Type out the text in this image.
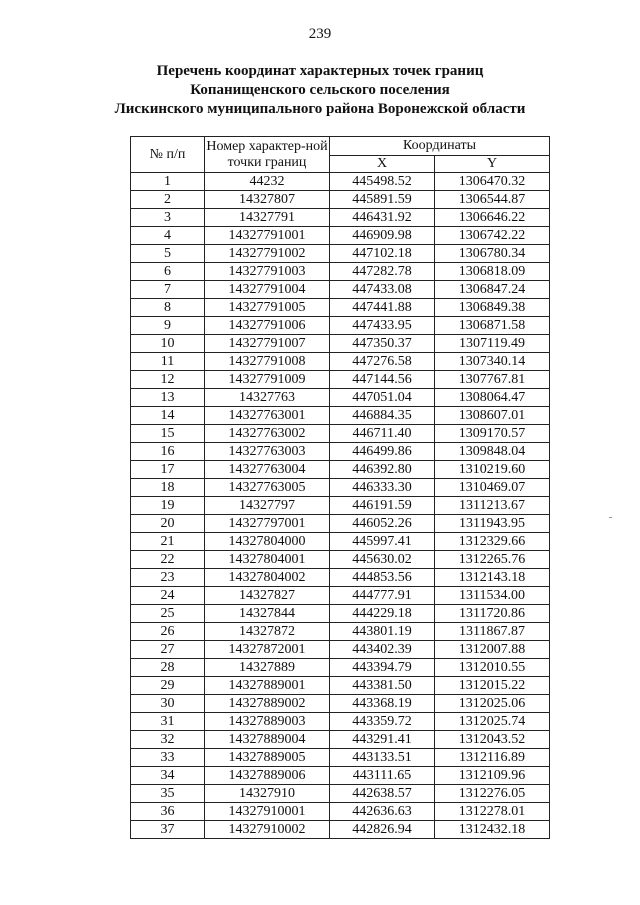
239
Перечень координат характерных точек границ
Копанищенского сельского поселения
Лискинского муниципального района Воронежской области
№ п/п	Номер характер-ной точки границ	Координаты	
		X	Y
1	44232	445498.52	1306470.32
2	14327807	445891.59	1306544.87
3	14327791	446431.92	1306646.22
4	14327791001	446909.98	1306742.22
5	14327791002	447102.18	1306780.34
6	14327791003	447282.78	1306818.09
7	14327791004	447433.08	1306847.24
8	14327791005	447441.88	1306849.38
9	14327791006	447433.95	1306871.58
10	14327791007	447350.37	1307119.49
11	14327791008	447276.58	1307340.14
12	14327791009	447144.56	1307767.81
13	14327763	447051.04	1308064.47
14	14327763001	446884.35	1308607.01
15	14327763002	446711.40	1309170.57
16	14327763003	446499.86	1309848.04
17	14327763004	446392.80	1310219.60
18	14327763005	446333.30	1310469.07
19	14327797	446191.59	1311213.67
20	14327797001	446052.26	1311943.95
21	14327804000	445997.41	1312329.66
22	14327804001	445630.02	1312265.76
23	14327804002	444853.56	1312143.18
24	14327827	444777.91	1311534.00
25	14327844	444229.18	1311720.86
26	14327872	443801.19	1311867.87
27	14327872001	443402.39	1312007.88
28	14327889	443394.79	1312010.55
29	14327889001	443381.50	1312015.22
30	14327889002	443368.19	1312025.06
31	14327889003	443359.72	1312025.74
32	14327889004	443291.41	1312043.52
33	14327889005	443133.51	1312116.89
34	14327889006	443111.65	1312109.96
35	14327910	442638.57	1312276.05
36	14327910001	442636.63	1312278.01
37	14327910002	442826.94	1312432.18
